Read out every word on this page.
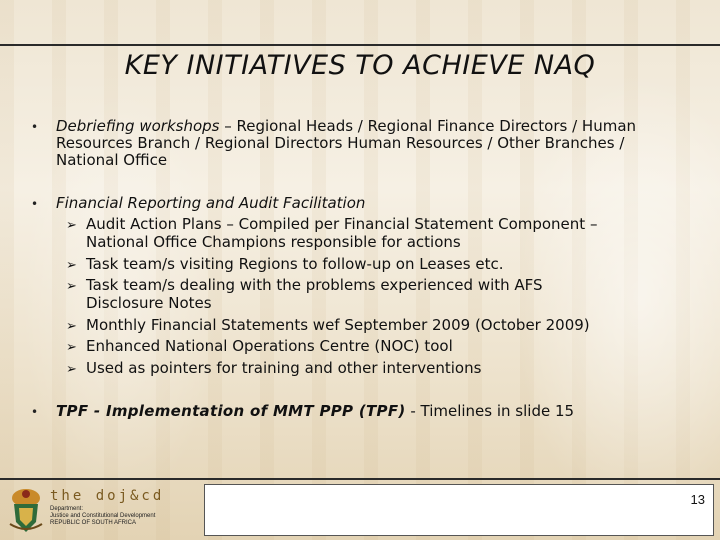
KEY INITIATIVES TO ACHIEVE NAQ
• Debriefing workshops – Regional Heads / Regional Finance Directors / Human Resources Branch / Regional Directors Human Resources / Other Branches / National Office
• Financial Reporting and Audit Facilitation
➢ Audit Action Plans – Compiled per Financial Statement Component –
National Office Champions responsible for actions
➢ Task team/s visiting Regions to follow-up on Leases etc.
➢ Task team/s dealing with the problems experienced with AFS
Disclosure Notes
➢ Monthly Financial Statements wef September 2009 (October 2009)
➢ Enhanced National Operations Centre (NOC) tool
➢ Used as pointers for training and other interventions
• TPF - Implementation of MMT PPP (TPF) - Timelines in slide 15
the doj&cd
Department:
Justice and Constitutional Development
REPUBLIC OF SOUTH AFRICA
13
